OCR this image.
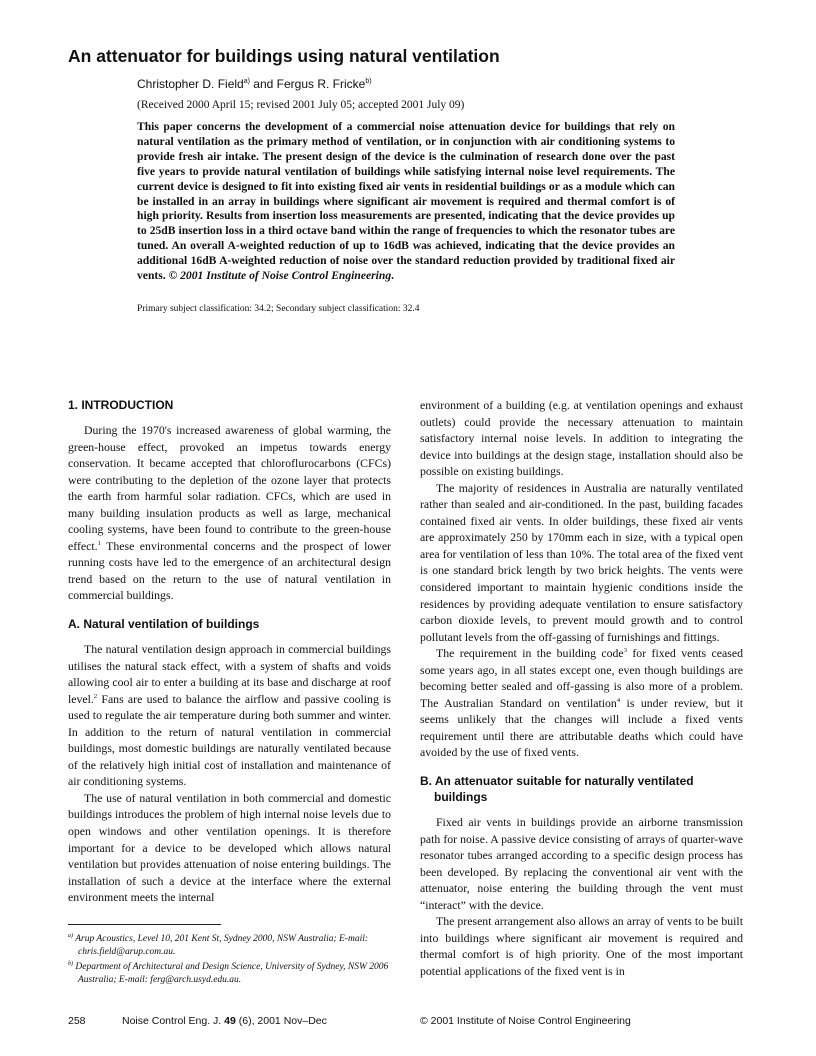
An attenuator for buildings using natural ventilation
Christopher D. Field$^{a)}$ and Fergus R. Fricke$^{b)}$
(Received 2000 April 15; revised 2001 July 05; accepted 2001 July 09)

This paper concerns the development of a commercial noise attenuation device for buildings that rely on natural ventilation as the primary method of ventilation, or in conjunction with air conditioning systems to provide fresh air intake. The present design of the device is the culmination of research done over the past five years to provide natural ventilation of buildings while satisfying internal noise level requirements. The current device is designed to fit into existing fixed air vents in residential buildings or as a module which can be installed in an array in buildings where significant air movement is required and thermal comfort is of high priority. Results from insertion loss measurements are presented, indicating that the device provides up to 25dB insertion loss in a third octave band within the range of frequencies to which the resonator tubes are tuned. An overall A-weighted reduction of up to 16dB was achieved, indicating that the device provides an additional 16dB A-weighted reduction of noise over the standard reduction provided by traditional fixed air vents. © 2001 Institute of Noise Control Engineering.

Primary subject classification: 34.2; Secondary subject classification: 32.4
1. INTRODUCTION

During the 1970's increased awareness of global warming, the green-house effect, provoked an impetus towards energy conservation. It became accepted that chloroflurocarbons (CFCs) were contributing to the depletion of the ozone layer that protects the earth from harmful solar radiation. CFCs, which are used in many building insulation products as well as large, mechanical cooling systems, have been found to contribute to the green-house effect.$^1$ These environmental concerns and the prospect of lower running costs have led to the emergence of an architectural design trend based on the return to the use of natural ventilation in commercial buildings.

A. Natural ventilation of buildings

The natural ventilation design approach in commercial buildings utilises the natural stack effect, with a system of shafts and voids allowing cool air to enter a building at its base and discharge at roof level.$^2$ Fans are used to balance the airflow and passive cooling is used to regulate the air temperature during both summer and winter. In addition to the return of natural ventilation in commercial buildings, most domestic buildings are naturally ventilated because of the relatively high initial cost of installation and maintenance of air conditioning systems.

The use of natural ventilation in both commercial and domestic buildings introduces the problem of high internal noise levels due to open windows and other ventilation openings. It is therefore important for a device to be developed which allows natural ventilation but provides attenuation of noise entering buildings. The installation of such a device at the interface where the external environment meets the internal

environment of a building (e.g. at ventilation openings and exhaust outlets) could provide the necessary attenuation to maintain satisfactory internal noise levels. In addition to integrating the device into buildings at the design stage, installation should also be possible on existing buildings.

The majority of residences in Australia are naturally ventilated rather than sealed and air-conditioned. In the past, building facades contained fixed air vents. In older buildings, these fixed air vents are approximately 250 by 170mm each in size, with a typical open area for ventilation of less than 10%. The total area of the fixed vent is one standard brick length by two brick heights. The vents were considered important to maintain hygienic conditions inside the residences by providing adequate ventilation to ensure satisfactory carbon dioxide levels, to prevent mould growth and to control pollutant levels from the off-gassing of furnishings and fittings.

The requirement in the building code$^3$ for fixed vents ceased some years ago, in all states except one, even though buildings are becoming better sealed and off-gassing is also more of a problem. The Australian Standard on ventilation$^4$ is under review, but it seems unlikely that the changes will include a fixed vents requirement until there are attributable deaths which could have avoided by the use of fixed vents.

B. An attenuator suitable for naturally ventilated buildings

Fixed air vents in buildings provide an airborne transmission path for noise. A passive device consisting of arrays of quarter-wave resonator tubes arranged according to a specific design process has been developed. By replacing the conventional air vent with the attenuator, noise entering the building through the vent must “interact” with the device.

The present arrangement also allows an array of vents to be built into buildings where significant air movement is required and thermal comfort is of high priority. One of the most important potential applications of the fixed vent is in

$^{a)}$ Arup Acoustics, Level 10, 201 Kent St, Sydney 2000, NSW Australia; E-mail: chris.field@arup.com.au.
$^{b)}$ Department of Architectural and Design Science, University of Sydney, NSW 2006 Australia; E-mail: ferg@arch.usyd.edu.au.
258	Noise Control Eng. J. 49 (6), 2001 Nov–Dec	© 2001 Institute of Noise Control Engineering
